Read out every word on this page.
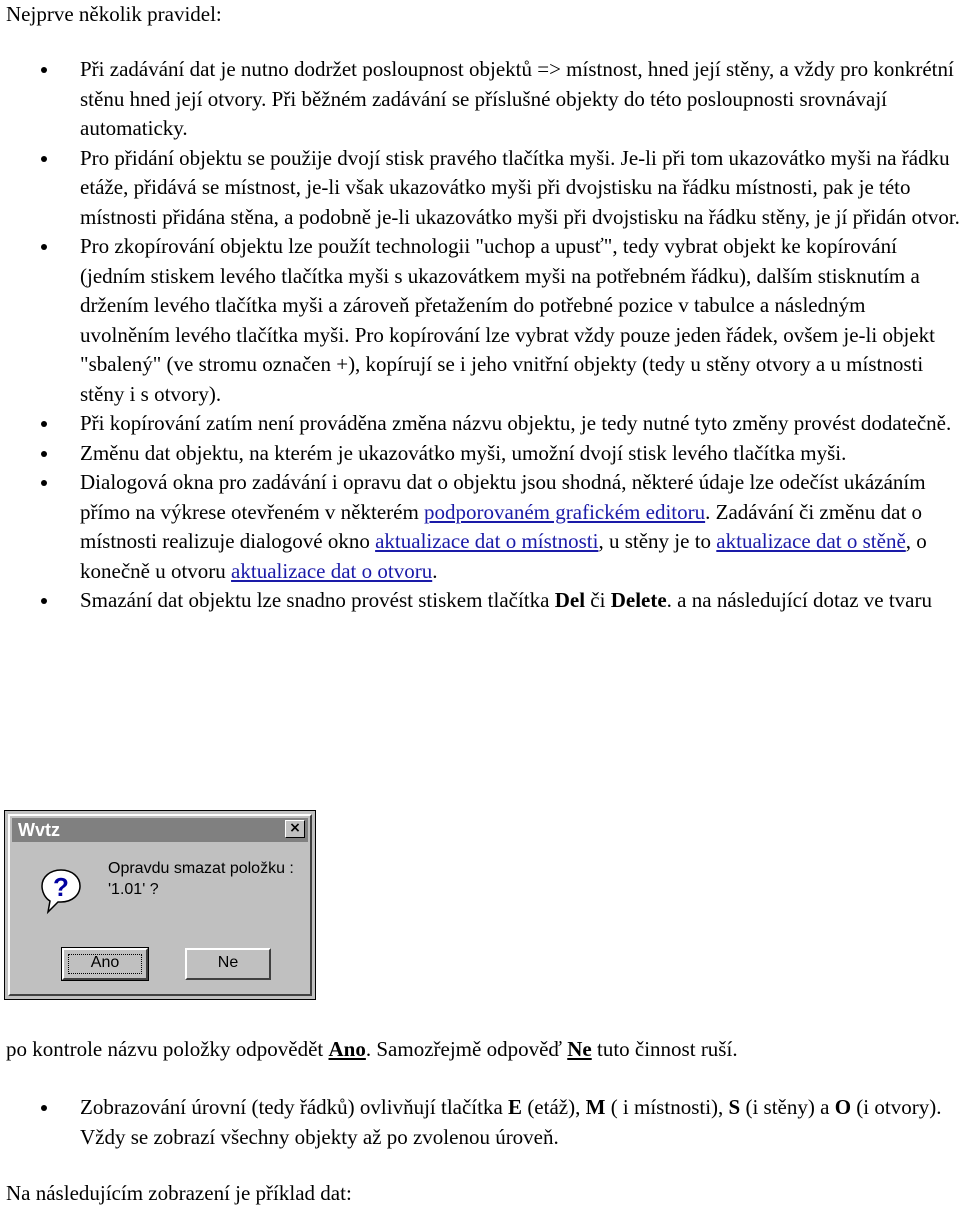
Nejprve několik pravidel:
Při zadávání dat je nutno dodržet posloupnost objektů => místnost, hned její stěny, a vždy pro konkrétní stěnu hned její otvory. Při běžném zadávání se příslušné objekty do této posloupnosti srovnávají automaticky.
Pro přidání objektu se použije dvojí stisk pravého tlačítka myši. Je-li při tom ukazovátko myši na řádku etáže, přidává se místnost, je-li však ukazovátko myši při dvojstisku na řádku místnosti, pak je této místnosti přidána stěna, a podobně je-li ukazovátko myši při dvojstisku na řádku stěny, je jí přidán otvor.
Pro zkopírování objektu lze použít technologii "uchop a upusť", tedy vybrat objekt ke kopírování (jedním stiskem levého tlačítka myši s ukazovátkem myši na potřebném řádku), dalším stisknutím a držením levého tlačítka myši a zároveň přetažením do potřebné pozice v tabulce a následným uvolněním levého tlačítka myši. Pro kopírování lze vybrat vždy pouze jeden řádek, ovšem je-li objekt "sbalený" (ve stromu označen +), kopírují se i jeho vnitřní objekty (tedy u stěny otvory a u místnosti stěny i s otvory).
Při kopírování zatím není prováděna změna názvu objektu, je tedy nutné tyto změny provést dodatečně.
Změnu dat objektu, na kterém je ukazovátko myši, umožní dvojí stisk levého tlačítka myši.
Dialogová okna pro zadávání i opravu dat o objektu jsou shodná, některé údaje lze odečíst ukázáním přímo na výkrese otevřeném v některém podporovaném grafickém editoru. Zadávání či změnu dat o místnosti realizuje dialogové okno aktualizace dat o místnosti, u stěny je to aktualizace dat o stěně, o konečně u otvoru aktualizace dat o otvoru.
Smazání dat objektu lze snadno provést stiskem tlačítka Del či Delete. a na následující dotaz ve tvaru
Wvtz	×
?
Opravdu smazat položku :
'1.01' ?
Ano	Ne
po kontrole názvu položky odpovědět Ano. Samozřejmě odpověď Ne tuto činnost ruší.
Zobrazování úrovní (tedy řádků) ovlivňují tlačítka E (etáž), M ( i místnosti), S (i stěny) a O (i otvory). Vždy se zobrazí všechny objekty až po zvolenou úroveň.
Na následujícím zobrazení je příklad dat:
